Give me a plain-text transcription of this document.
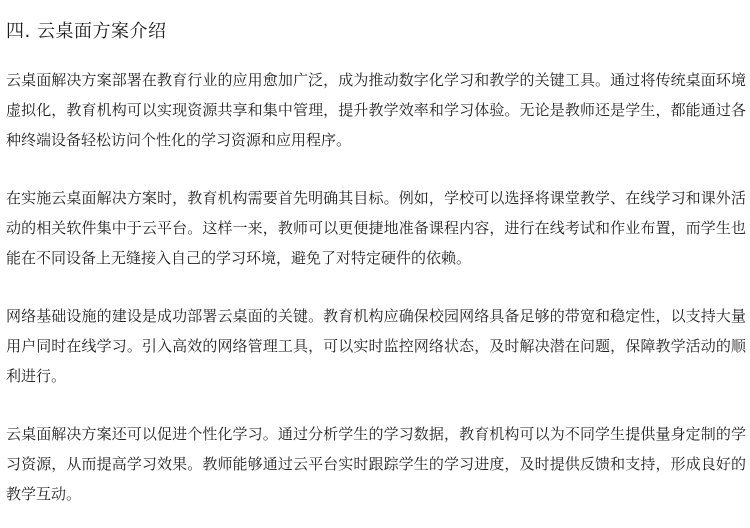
四. 云桌面方案介绍

云桌面解决方案部署在教育行业的应用愈加广泛，成为推动数字化学习和教学的关键工具。通过将传统桌面环境虚拟化，教育机构可以实现资源共享和集中管理，提升教学效率和学习体验。无论是教师还是学生，都能通过各种终端设备轻松访问个性化的学习资源和应用程序。

在实施云桌面解决方案时，教育机构需要首先明确其目标。例如，学校可以选择将课堂教学、在线学习和课外活动的相关软件集中于云平台。这样一来，教师可以更便捷地准备课程内容，进行在线考试和作业布置，而学生也能在不同设备上无缝接入自己的学习环境，避免了对特定硬件的依赖。

网络基础设施的建设是成功部署云桌面的关键。教育机构应确保校园网络具备足够的带宽和稳定性，以支持大量用户同时在线学习。引入高效的网络管理工具，可以实时监控网络状态，及时解决潜在问题，保障教学活动的顺利进行。

云桌面解决方案还可以促进个性化学习。通过分析学生的学习数据，教育机构可以为不同学生提供量身定制的学习资源，从而提高学习效果。教师能够通过云平台实时跟踪学生的学习进度，及时提供反馈和支持，形成良好的教学互动。
